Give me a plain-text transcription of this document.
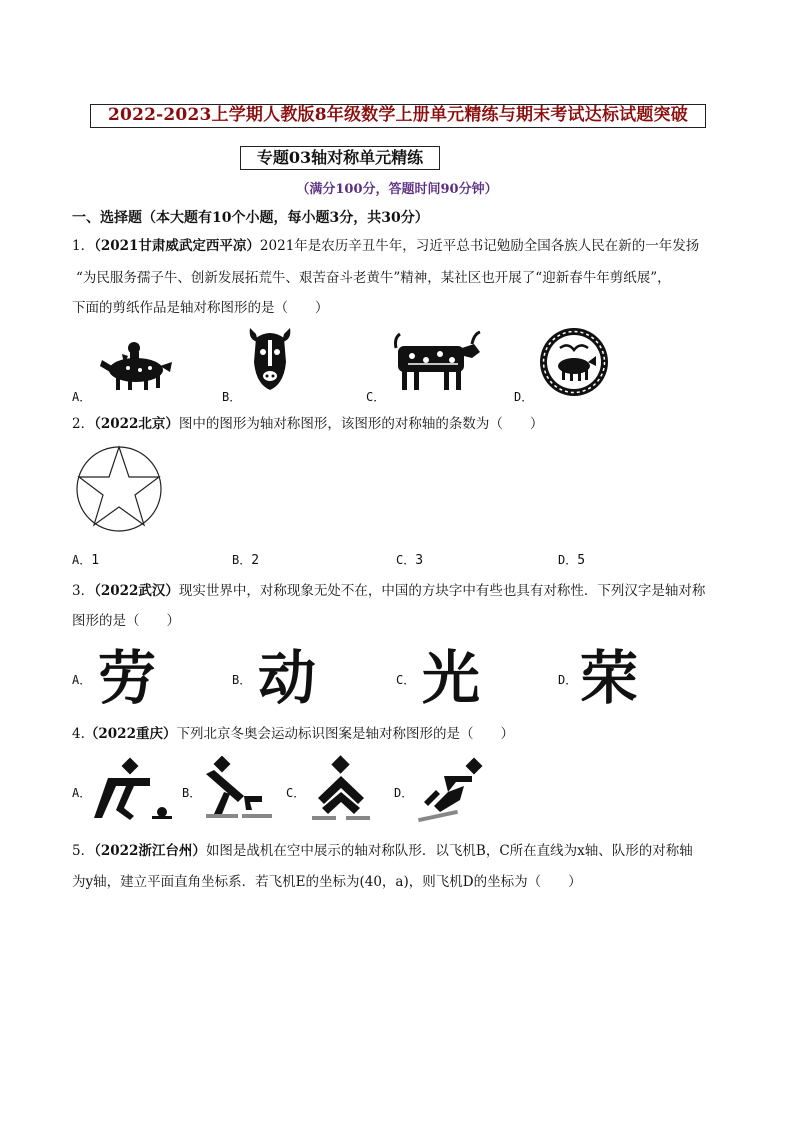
2022-2023上学期人教版8年级数学上册单元精练与期末考试达标试题突破
专题03轴对称单元精练
（满分100分，答题时间90分钟）
一、选择题（本大题有10个小题，每小题3分，共30分）
1．（2021甘肃威武定西平凉）2021年是农历辛丑牛年，习近平总书记勉励全国各族人民在新的一年发扬
“为民服务孺子牛、创新发展拓荒牛、艰苦奋斗老黄牛”精神，某社区也开展了“迎新春牛年剪纸展”，
下面的剪纸作品是轴对称图形的是（　　）
A．	B．	C．	D．
2．（2022北京）图中的图形为轴对称图形，该图形的对称轴的条数为（　　）
A．1	B．2	C．3	D．5
3．（2022武汉）现实世界中，对称现象无处不在，中国的方块字中有些也具有对称性．下列汉字是轴对称
图形的是（　　）
A． 劳	B． 动	C． 光	D． 荣
4.（2022重庆）下列北京冬奥会运动标识图案是轴对称图形的是（　　）
A．	B．	C．	D．
5．（2022浙江台州）如图是战机在空中展示的轴对称队形．以飞机B，C所在直线为x轴、队形的对称轴
为y轴，建立平面直角坐标系．若飞机E的坐标为(40，a)，则飞机D的坐标为（　　）
